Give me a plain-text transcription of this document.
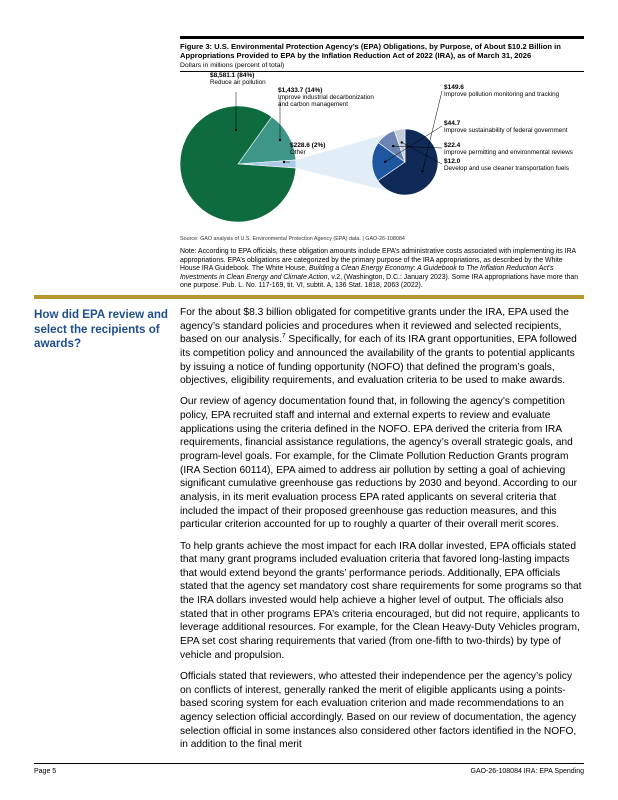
Figure 3: U.S. Environmental Protection Agency’s (EPA) Obligations, by Purpose, of About $10.2 Billion in Appropriations Provided to EPA by the Inflation Reduction Act of 2022 (IRA), as of March 31, 2026
Dollars in millions (percent of total)
$8,581.1 (84%)
Reduce air pollution
$1,433.7 (14%)
Improve industrial decarbonization and carbon management
$228.6 (2%)
Other
$149.6
Improve pollution monitoring and tracking
$44.7
Improve sustainability of federal government
$22.4
Improve permitting and environmental reviews
$12.0
Develop and use cleaner transportation fuels
Source: GAO analysis of U.S. Environmental Protection Agency (EPA) data. | GAO-26-108084
Note: According to EPA officials, these obligation amounts include EPA’s administrative costs associated with implementing its IRA appropriations. EPA’s obligations are categorized by the primary purpose of the IRA appropriations, as described by the White House IRA Guidebook. The White House, Building a Clean Energy Economy: A Guidebook to The Inflation Reduction Act’s Investments in Clean Energy and Climate Action, v.2, (Washington, D.C.: January 2023). Some IRA appropriations have more than one purpose. Pub. L. No. 117-169, tit. VI, subtit. A, 136 Stat. 1818, 2063 (2022).
How did EPA review and select the recipients of awards?

For the about $8.3 billion obligated for competitive grants under the IRA, EPA used the agency’s standard policies and procedures when it reviewed and selected recipients, based on our analysis.$^7$ Specifically, for each of its IRA grant opportunities, EPA followed its competition policy and announced the availability of the grants to potential applicants by issuing a notice of funding opportunity (NOFO) that defined the program’s goals, objectives, eligibility requirements, and evaluation criteria to be used to make awards.

Our review of agency documentation found that, in following the agency’s competition policy, EPA recruited staff and internal and external experts to review and evaluate applications using the criteria defined in the NOFO. EPA derived the criteria from IRA requirements, financial assistance regulations, the agency’s overall strategic goals, and program-level goals. For example, for the Climate Pollution Reduction Grants program (IRA Section 60114), EPA aimed to address air pollution by setting a goal of achieving significant cumulative greenhouse gas reductions by 2030 and beyond. According to our analysis, in its merit evaluation process EPA rated applicants on several criteria that included the impact of their proposed greenhouse gas reduction measures, and this particular criterion accounted for up to roughly a quarter of their overall merit scores.

To help grants achieve the most impact for each IRA dollar invested, EPA officials stated that many grant programs included evaluation criteria that favored long-lasting impacts that would extend beyond the grants’ performance periods. Additionally, EPA officials stated that the agency set mandatory cost share requirements for some programs so that the IRA dollars invested would help achieve a higher level of output. The officials also stated that in other programs EPA’s criteria encouraged, but did not require, applicants to leverage additional resources. For example, for the Clean Heavy-Duty Vehicles program, EPA set cost sharing requirements that varied (from one-fifth to two-thirds) by type of vehicle and propulsion.

Officials stated that reviewers, who attested their independence per the agency’s policy on conflicts of interest, generally ranked the merit of eligible applicants using a points-based scoring system for each evaluation criterion and made recommendations to an agency selection official accordingly. Based on our review of documentation, the agency selection official in some instances also considered other factors identified in the NOFO, in addition to the final merit

Page 5	GAO-26-108084 IRA: EPA Spending
